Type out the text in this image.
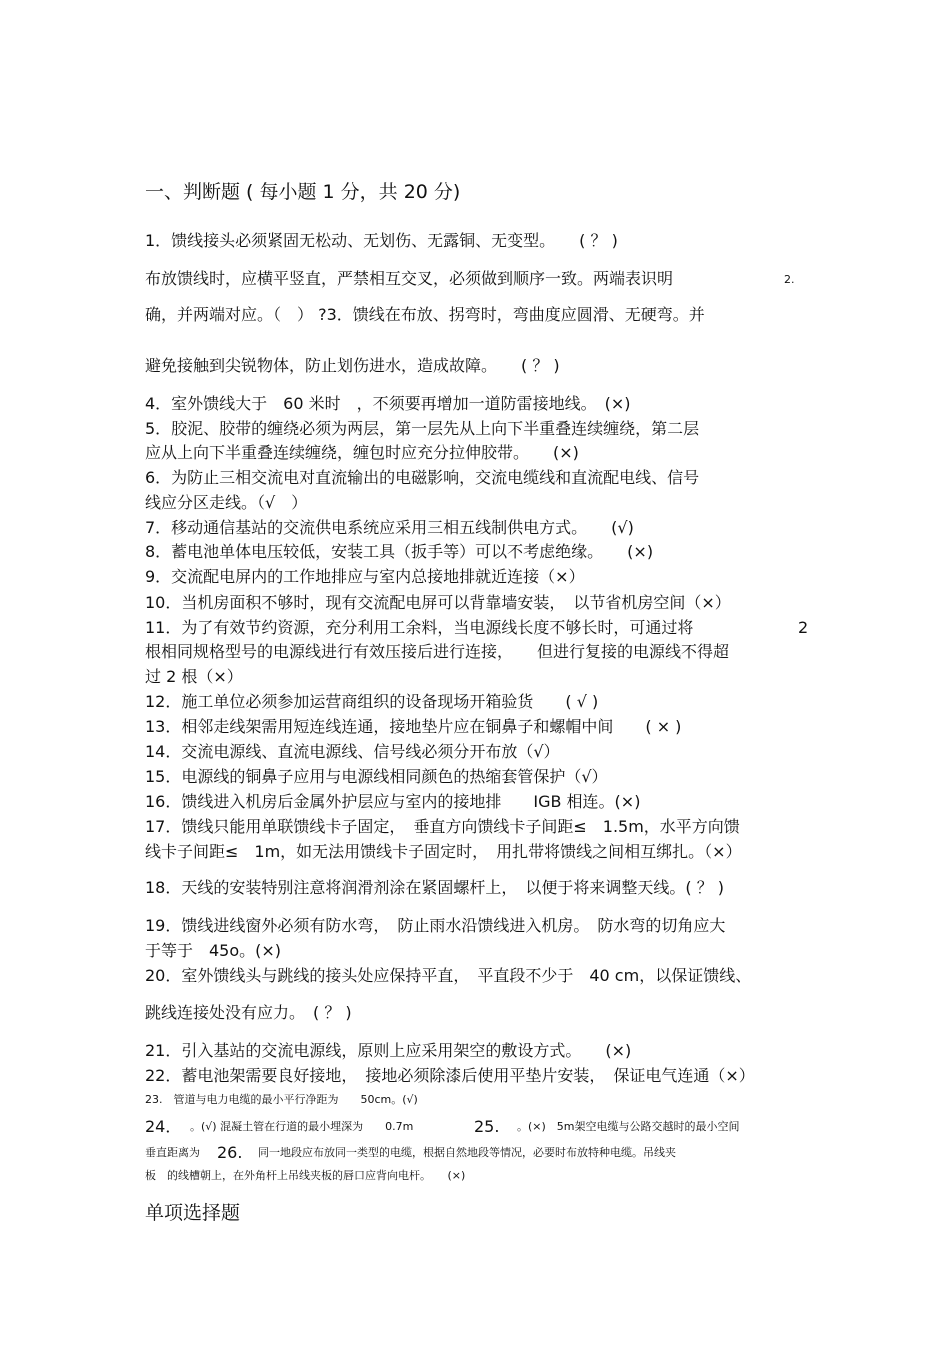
一、判断题 ( 每小题 1 分，共 20 分)
1．馈线接头必须紧固无松动、无划伤、无露铜、无变型。　　( ？ )
布放馈线时，应横平竖直，严禁相互交叉，必须做到顺序一致。两端表识明	2.
确，并两端对应。（　） ?3．馈线在布放、拐弯时，弯曲度应圆滑、无硬弯。并
避免接触到尖锐物体，防止划伤进水，造成故障。　　( ？ )
4．室外馈线大于　60 米时　，不须要再增加一道防雷接地线。　(×)
5．胶泥、胶带的缠绕必须为两层，第一层先从上向下半重叠连续缠绕，第二层
应从上向下半重叠连续缠绕，缠包时应充分拉伸胶带。　　(×)
6．为防止三相交流电对直流输出的电磁影响，交流电缆线和直流配电线、信号
线应分区走线。（√　）
7．移动通信基站的交流供电系统应采用三相五线制供电方式。　　(√)
8．蓄电池单体电压较低，安装工具（扳手等）可以不考虑绝缘。　　(×)
9．交流配电屏内的工作地排应与室内总接地排就近连接（×）
10．当机房面积不够时，现有交流配电屏可以背靠墙安装，　以节省机房空间（×）
11．为了有效节约资源，充分利用工余料，当电源线长度不够长时，可通过将	2
根相同规格型号的电源线进行有效压接后进行连接，　　但进行复接的电源线不得超
过 2 根（×）
12．施工单位必须参加运营商组织的设备现场开箱验货　　( √ )
13．相邻走线架需用短连线连通，接地垫片应在铜鼻子和螺帽中间　　( × )
14．交流电源线、直流电源线、信号线必须分开布放（√）
15．电源线的铜鼻子应用与电源线相同颜色的热缩套管保护（√）
16．馈线进入机房后金属外护层应与室内的接地排　　IGB 相连。(×)
17．馈线只能用单联馈线卡子固定，　垂直方向馈线卡子间距≤　1.5m，水平方向馈
线卡子间距≤　1m，如无法用馈线卡子固定时，　用扎带将馈线之间相互绑扎。（×）
18．天线的安装特别注意将润滑剂涂在紧固螺杆上，　以便于将来调整天线。( ？ )
19．馈线进线窗外必须有防水弯，　防止雨水沿馈线进入机房。　防水弯的切角应大
于等于　45o。(×)
20．室外馈线头与跳线的接头处应保持平直，　平直段不少于　40 cm，以保证馈线、
跳线连接处没有应力。　( ？ )
21．引入基站的交流电源线，原则上应采用架空的敷设方式。　　(×)
22．蓄电池架需要良好接地，　接地必须除漆后使用平垫片安装，　保证电气连通（×）
23.　管道与电力电缆的最小平行净距为　　50cm。(√)
24． 。(√) 混凝土管在行道的最小埋深为　　0.7m	25. 。(×)　5m架空电缆与公路交越时的最小空间
垂直距离为 26. 同一地段应布放同一类型的电缆，根据自然地段等情况，必要时布放特种电缆。吊线夹
板　的线槽朝上，在外角杆上吊线夹板的唇口应背向电杆。　　(×)
单项选择题
